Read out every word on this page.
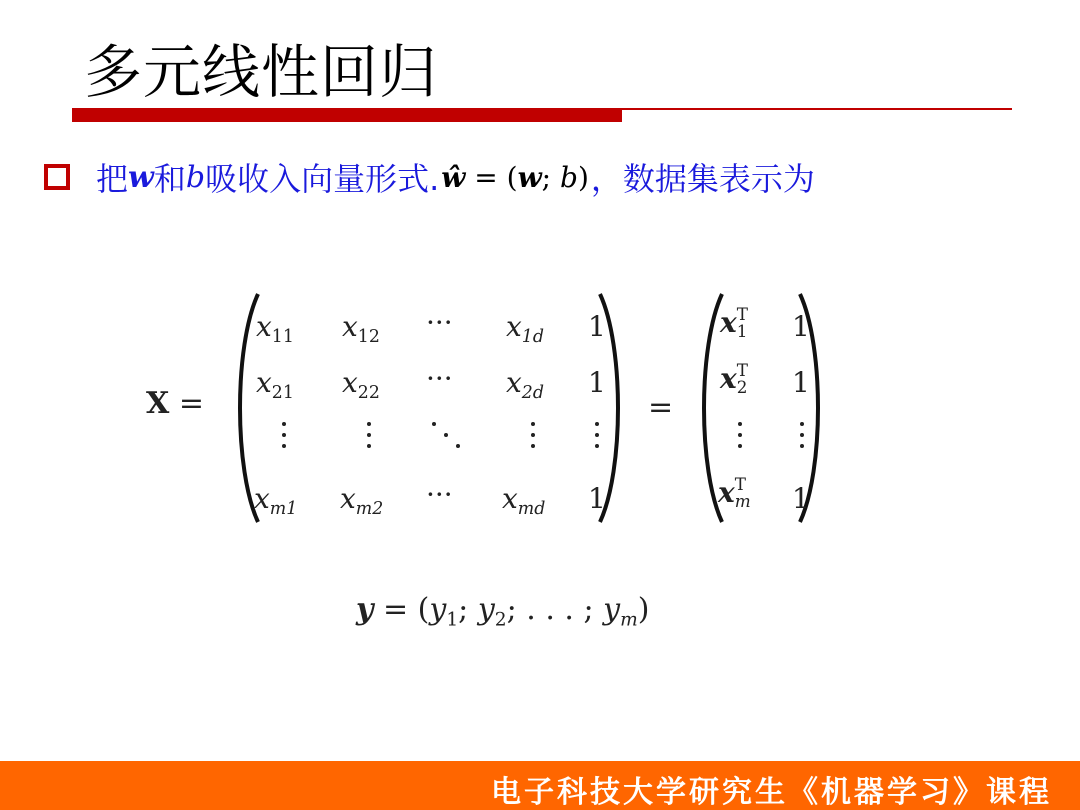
多元线性回归
把 w 和 b 吸收入向量形式. ŵ = (w; b) ，数据集表示为
X =
$x_{11}$ $x_{12}$ ··· $x_{1d}$ 1
$x_{21}$ $x_{22}$ ··· $x_{2d}$ 1
$x_{m1}$ $x_{m2}$ ··· $x_{md}$ 1
=
x T
1 1
x T
2 1
x T
m 1
$y = (y_1$; $y_2$; . . . ; $y_m$)
电子科技大学研究生《机器学习》课程
